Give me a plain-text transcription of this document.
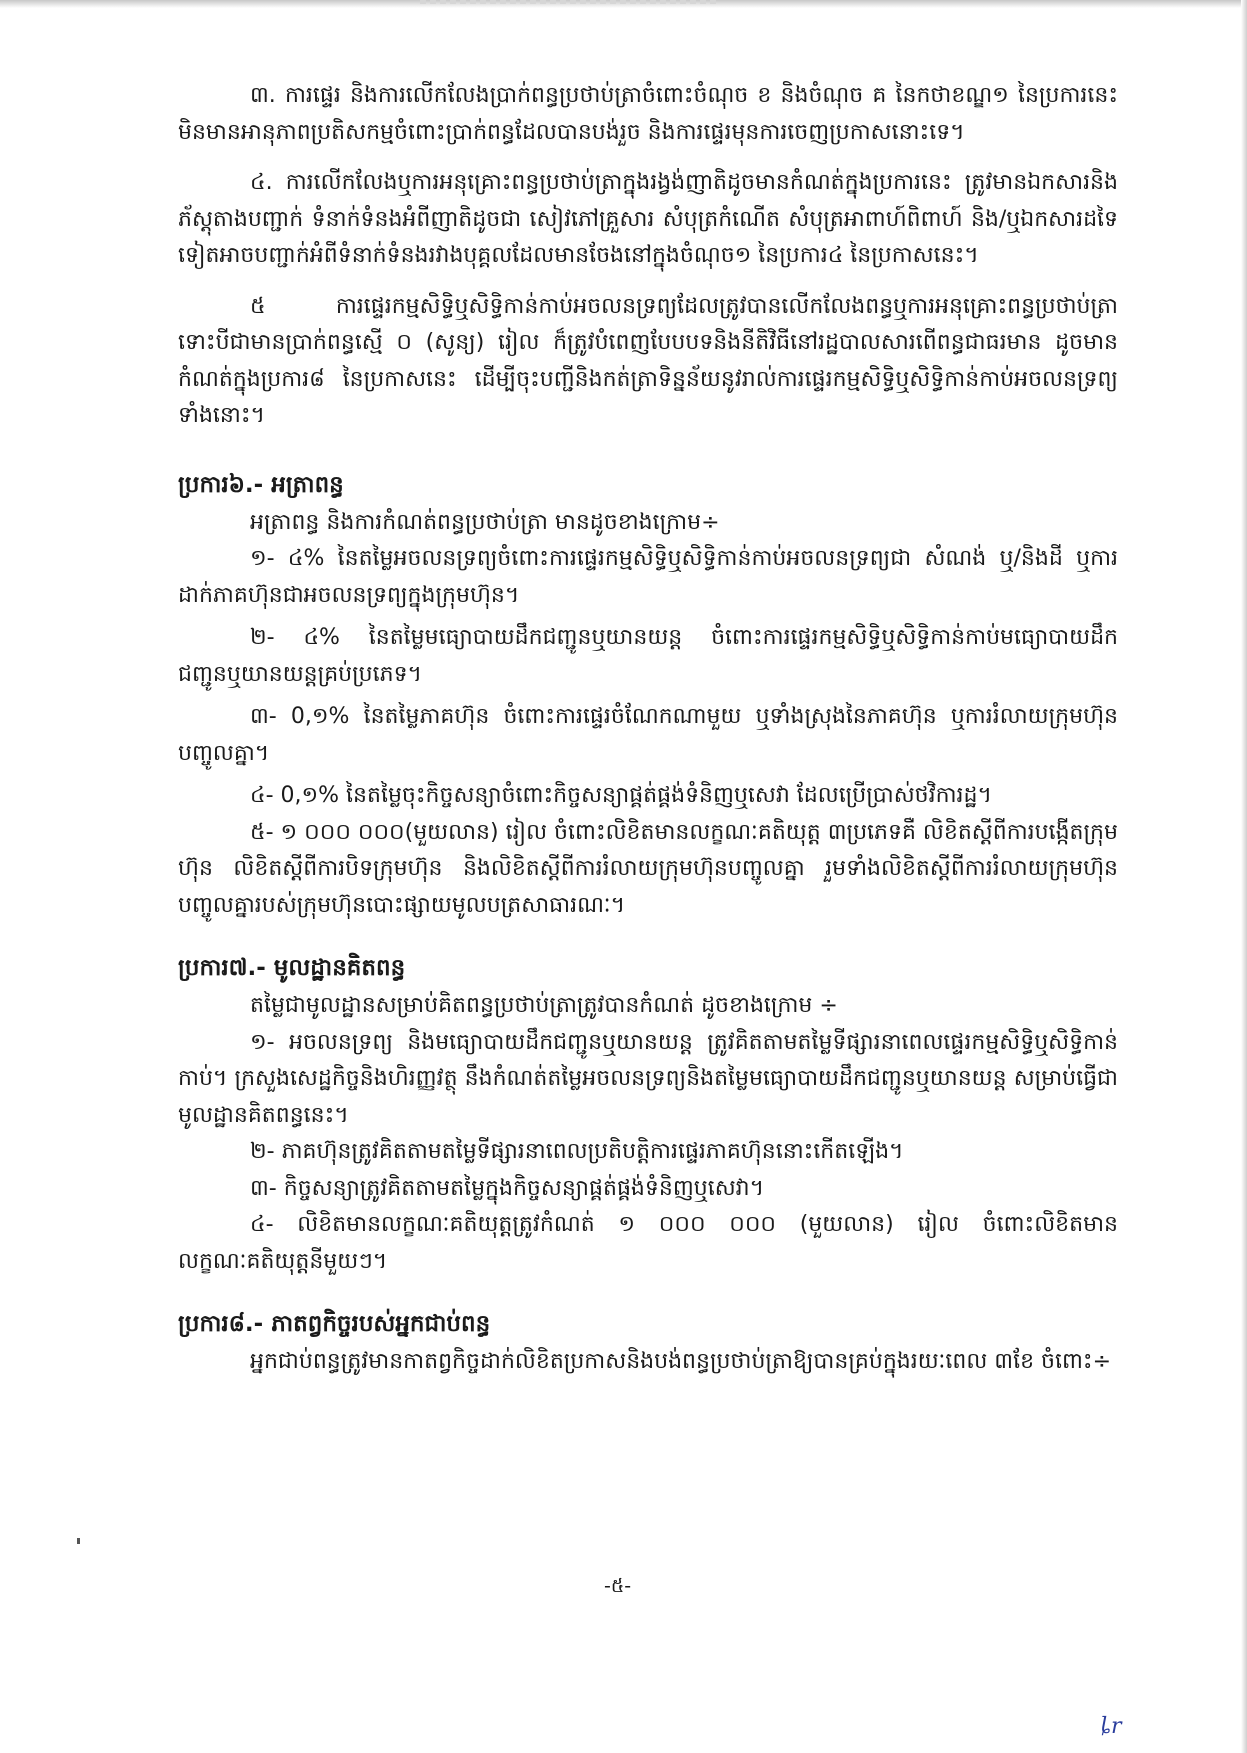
៣. ការផ្ទេរ និងការលើកលែងប្រាក់ពន្ធប្រថាប់ត្រាចំពោះចំណុច ខ និងចំណុច គ នៃកថាខណ្ឌ១ នៃប្រការនេះ មិនមានអានុភាពប្រតិសកម្មចំពោះប្រាក់ពន្ធដែលបានបង់រួច និងការផ្ទេរមុនការចេញប្រកាសនោះទេ។

៤. ការលើកលែងឬការអនុគ្រោះពន្ធប្រថាប់ត្រាក្នុងរង្វង់ញាតិដូចមានកំណត់ក្នុងប្រការនេះ ត្រូវមានឯកសារនិងភ័ស្តុតាងបញ្ជាក់ ទំនាក់ទំនងអំពីញាតិដូចជា សៀវភៅគ្រួសារ សំបុត្រកំណើត សំបុត្រអាពាហ៍ពិពាហ៍ និង/ឬឯកសារដទៃទៀតអាចបញ្ជាក់អំពីទំនាក់ទំនងរវាងបុគ្គលដែលមានចែងនៅក្នុងចំណុច១ នៃប្រការ៤ នៃប្រកាសនេះ។

៥ ការផ្ទេរកម្មសិទ្ធិឬសិទ្ធិកាន់កាប់អចលនទ្រព្យដែលត្រូវបានលើកលែងពន្ធឬការអនុគ្រោះពន្ធប្រថាប់ត្រា ទោះបីជាមានប្រាក់ពន្ធស្មើ ០ (សូន្យ) រៀល ក៏ត្រូវបំពេញបែបបទនិងនីតិវិធីនៅរដ្ឋបាលសារពើពន្ធជាធរមាន ដូចមានកំណត់ក្នុងប្រការ៨ នៃប្រកាសនេះ ដើម្បីចុះបញ្ជីនិងកត់ត្រាទិន្នន័យនូវរាល់ការផ្ទេរកម្មសិទ្ធិឬសិទ្ធិកាន់កាប់អចលនទ្រព្យទាំងនោះ។

ប្រការ៦.- អត្រាពន្ធ

អត្រាពន្ធ និងការកំណត់ពន្ធប្រថាប់ត្រា មានដូចខាងក្រោម÷

១- ៤% នៃតម្លៃអចលនទ្រព្យចំពោះការផ្ទេរកម្មសិទ្ធិឬសិទ្ធិកាន់កាប់អចលនទ្រព្យជា សំណង់ ឬ/និងដី ឬការដាក់ភាគហ៊ុនជាអចលនទ្រព្យក្នុងក្រុមហ៊ុន។

២- ៤% នៃតម្លៃមធ្យោបាយដឹកជញ្ជូនឬយានយន្ត ចំពោះការផ្ទេរកម្មសិទ្ធិឬសិទ្ធិកាន់កាប់មធ្យោបាយដឹកជញ្ជូនឬយានយន្តគ្រប់ប្រភេទ។

៣- 0,១% នៃតម្លៃភាគហ៊ុន ចំពោះការផ្ទេរចំណែកណាមួយ ឬទាំងស្រុងនៃភាគហ៊ុន ឬការរំលាយក្រុមហ៊ុនបញ្ចូលគ្នា។

៤- 0,១% នៃតម្លៃចុះកិច្ចសន្យាចំពោះកិច្ចសន្យាផ្គត់ផ្គង់ទំនិញឬសេវា ដែលប្រើប្រាស់ថវិការដ្ឋ។

៥- ១ ០០០ ០០០(មួយលាន) រៀល ចំពោះលិខិតមានលក្ខណៈគតិយុត្ត ៣ប្រភេទគឺ លិខិតស្ដីពីការបង្កើតក្រុមហ៊ុន លិខិតស្ដីពីការបិទក្រុមហ៊ុន និងលិខិតស្ដីពីការរំលាយក្រុមហ៊ុនបញ្ចូលគ្នា រួមទាំងលិខិតស្ដីពីការរំលាយក្រុមហ៊ុនបញ្ចូលគ្នារបស់ក្រុមហ៊ុនបោះផ្សាយមូលបត្រសាធារណៈ។

ប្រការ៧.- មូលដ្ឋានគិតពន្ធ

តម្លៃជាមូលដ្ឋានសម្រាប់គិតពន្ធប្រថាប់ត្រាត្រូវបានកំណត់ ដូចខាងក្រោម ÷

១- អចលនទ្រព្យ និងមធ្យោបាយដឹកជញ្ជូនឬយានយន្ត ត្រូវគិតតាមតម្លៃទីផ្សារនាពេលផ្ទេរកម្មសិទ្ធិឬសិទ្ធិកាន់កាប់។ ក្រសួងសេដ្ឋកិច្ចនិងហិរញ្ញវត្ថុ នឹងកំណត់តម្លៃអចលនទ្រព្យនិងតម្លៃមធ្យោបាយដឹកជញ្ជូនឬយានយន្ត សម្រាប់ធ្វើជាមូលដ្ឋានគិតពន្ធនេះ។

២- ភាគហ៊ុនត្រូវគិតតាមតម្លៃទីផ្សារនាពេលប្រតិបត្តិការផ្ទេរភាគហ៊ុននោះកើតឡើង។

៣- កិច្ចសន្យាត្រូវគិតតាមតម្លៃក្នុងកិច្ចសន្យាផ្គត់ផ្គង់ទំនិញឬសេវា។

៤- លិខិតមានលក្ខណៈគតិយុត្តត្រូវកំណត់ ១ ០០០ ០០០ (មួយលាន) រៀល ចំពោះលិខិតមានលក្ខណៈគតិយុត្តនីមួយៗ។

ប្រការ៨.- ភាតព្វកិច្ចរបស់អ្នកជាប់ពន្ធ

អ្នកជាប់ពន្ធត្រូវមានកាតព្វកិច្ចដាក់លិខិតប្រកាសនិងបង់ពន្ធប្រថាប់ត្រាឱ្យបានគ្រប់ក្នុងរយៈពេល ៣ខែ ចំពោះ÷

-៥-
ȴr
